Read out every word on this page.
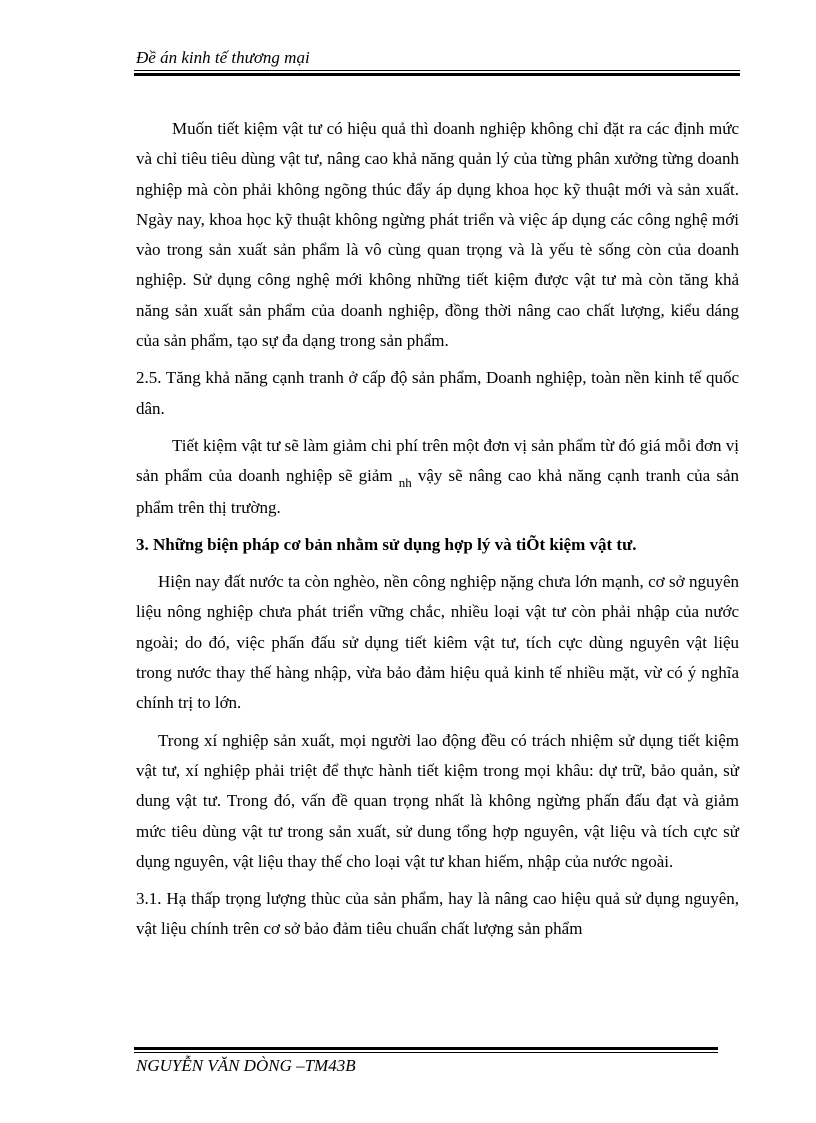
Đề án kinh tế thương mại

Muốn tiết kiệm vật tư có hiệu quả thì doanh nghiệp không chỉ đặt ra các định mức và chỉ tiêu tiêu dùng vật tư, nâng cao khả năng quản lý của từng phân xưởng từng doanh nghiệp mà còn phải không ngõng thúc đẩy áp dụng khoa học kỹ thuật mới và sản xuất. Ngày nay, khoa học kỹ thuật không ngừng phát triển và việc áp dụng các công nghệ mới vào trong sản xuất sản phẩm là vô cùng quan trọng và là yếu tè sống còn của doanh nghiệp. Sử dụng công nghệ mới không những tiết kiệm được vật tư mà còn tăng khả năng sản xuất sản phẩm của doanh nghiệp, đồng thời nâng cao chất lượng, kiểu dáng của sản phẩm, tạo sự đa dạng trong sản phẩm.

2.5. Tăng khả năng cạnh tranh ở cấp độ sản phẩm, Doanh nghiệp, toàn nền kinh tế quốc dân.

Tiết kiệm vật tư sẽ làm giảm chi phí trên một đơn vị sản phẩm từ đó giá mỗi đơn vị sản phẩm của doanh nghiệp sẽ giảm $_{nh}$ vậy sẽ nâng cao khả năng cạnh tranh của sản phẩm trên thị trường.

3. Những biện pháp cơ bản nhằm sử dụng hợp lý và tiÕt kiệm vật tư.

Hiện nay đất nước ta còn nghèo, nền công nghiệp nặng chưa lớn mạnh, cơ sở nguyên liệu nông nghiệp chưa phát triển vững chắc, nhiều loại vật tư còn phải nhập của nước ngoài; do đó, việc phấn đấu sử dụng tiết kiêm vật tư, tích cực dùng nguyên vật liệu trong nước thay thế hàng nhập, vừa bảo đảm hiệu quả kinh tế nhiều mặt, vừ có ý nghĩa chính trị to lớn.

Trong xí nghiệp sản xuất, mọi người lao động đều có trách nhiệm sử dụng tiết kiệm vật tư, xí nghiệp phải triệt để thực hành tiết kiệm trong mọi khâu: dự trữ, bảo quản, sử dung vật tư. Trong đó, vấn đề quan trọng nhất là không ngừng phấn đấu đạt và giảm mức tiêu dùng vật tư trong sản xuất, sử dung tổng hợp nguyên, vật liệu và tích cực sử dụng nguyên, vật liệu thay thế cho loại vật tư khan hiếm, nhập của nước ngoài.

3.1. Hạ thấp trọng lượng thùc của sản phẩm, hay là nâng cao hiệu quả sử dụng nguyên, vật liệu chính trên cơ sở bảo đảm tiêu chuẩn chất lượng sản phẩm

NGUYỄN VĂN DÒNG –TM43B
